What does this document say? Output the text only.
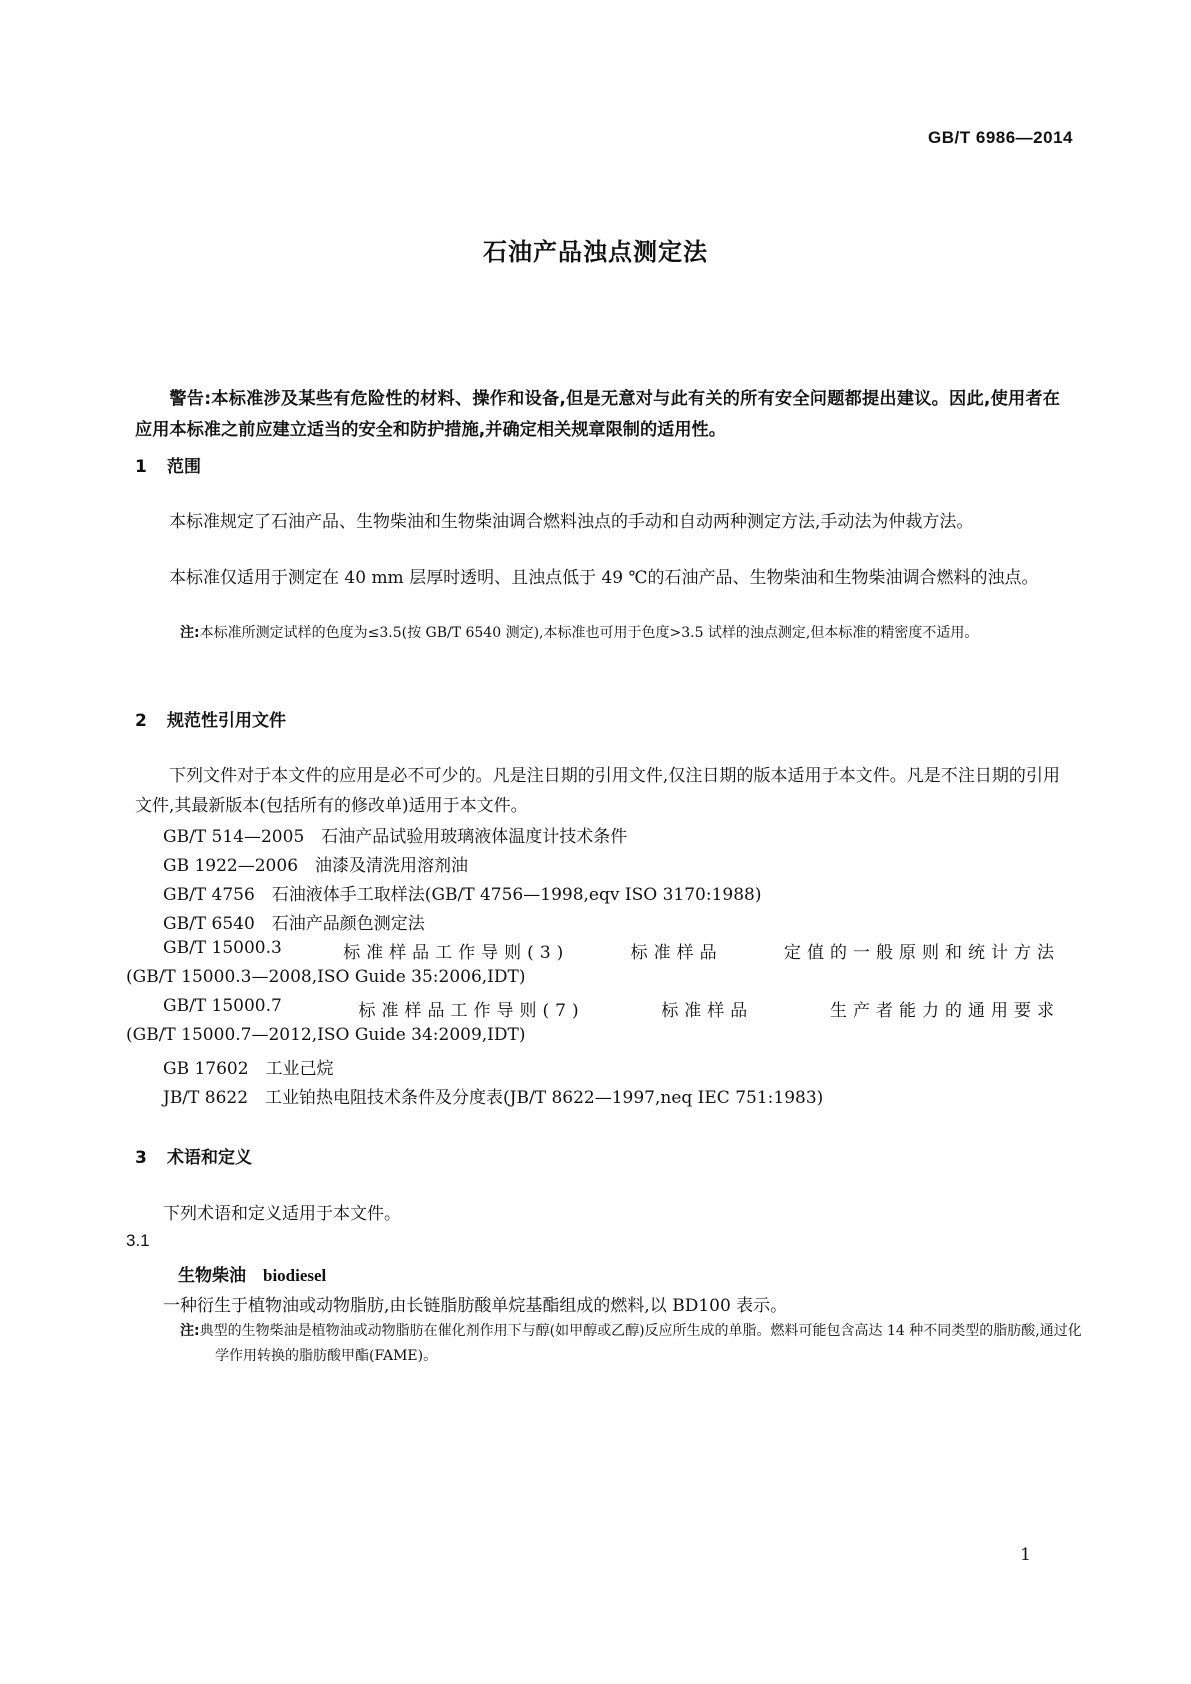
GB/T 6986—2014
石油产品浊点测定法
警告:本标准涉及某些有危险性的材料、操作和设备,但是无意对与此有关的所有安全问题都提出建议。因此,使用者在应用本标准之前应建立适当的安全和防护措施,并确定相关规章限制的适用性。
1 范围
本标准规定了石油产品、生物柴油和生物柴油调合燃料浊点的手动和自动两种测定方法,手动法为仲裁方法。
本标准仅适用于测定在 40 mm 层厚时透明、且浊点低于 49 ℃的石油产品、生物柴油和生物柴油调合燃料的浊点。
注:本标准所测定试样的色度为≤3.5(按 GB/T 6540 测定),本标准也可用于色度>3.5 试样的浊点测定,但本标准的精密度不适用。
2 规范性引用文件
下列文件对于本文件的应用是必不可少的。凡是注日期的引用文件,仅注日期的版本适用于本文件。凡是不注日期的引用文件,其最新版本(包括所有的修改单)适用于本文件。
GB/T 514—2005  石油产品试验用玻璃液体温度计技术条件
GB 1922—2006  油漆及清洗用溶剂油
GB/T 4756  石油液体手工取样法(GB/T 4756—1998,eqv ISO 3170:1988)
GB/T 6540  石油产品颜色测定法
GB/T 15000.3	标准样品工作导则(3)	标准样品	定值的一般原则和统计方法
(GB/T 15000.3—2008,ISO Guide 35:2006,IDT)
GB/T 15000.7	标准样品工作导则(7)	标准样品	生产者能力的通用要求
(GB/T 15000.7—2012,ISO Guide 34:2009,IDT)
GB 17602  工业己烷
JB/T 8622  工业铂热电阻技术条件及分度表(JB/T 8622—1997,neq IEC 751:1983)
3 术语和定义
下列术语和定义适用于本文件。
3.1
生物柴油  biodiesel
一种衍生于植物油或动物脂肪,由长链脂肪酸单烷基酯组成的燃料,以 BD100 表示。
注:典型的生物柴油是植物油或动物脂肪在催化剂作用下与醇(如甲醇或乙醇)反应所生成的单脂。燃料可能包含高达 14 种不同类型的脂肪酸,通过化学作用转换的脂肪酸甲酯(FAME)。
1
